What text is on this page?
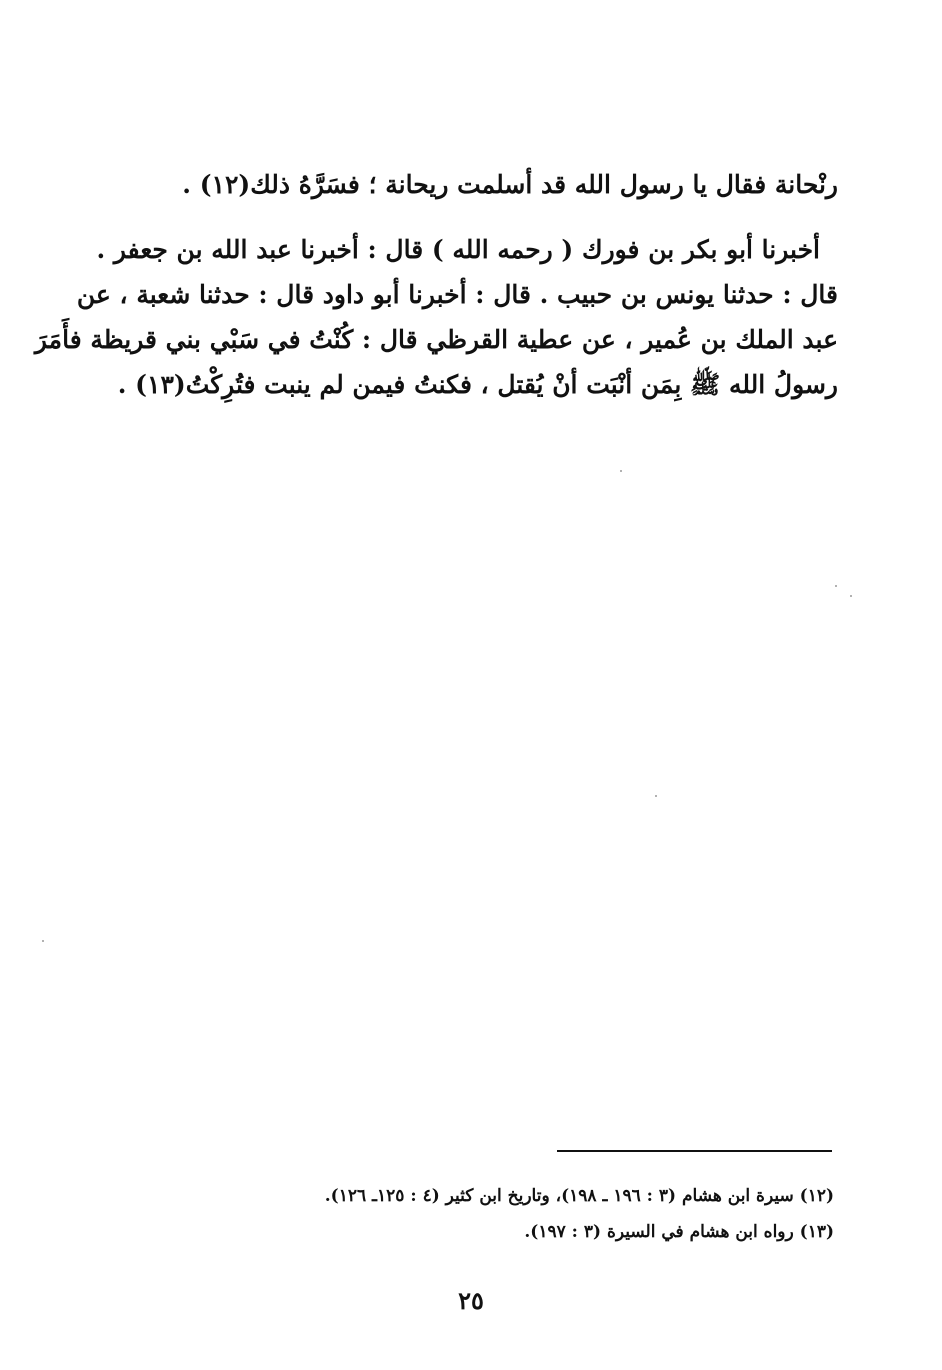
رنْحانة فقال يا رسول الله قد أسلمت ريحانة ؛ فسَرَّهُ ذلك(١٢) .
أخبرنا أبو بكر بن فورك ( رحمه الله ) قال : أخبرنا عبد الله بن جعفر .
قال : حدثنا يونس بن حبيب . قال : أخبرنا أبو داود قال : حدثنا شعبة ، عن
عبد الملك بن عُمير ، عن عطية القرظي قال : كُنْتُ في سَبْي بني قريظة فأَمَرَ
رسولُ الله ﷺ بِمَن أنْبَت أنْ يُقتل ، فكنتُ فيمن لم ينبت فتُرِكْتُ(١٣) .
(١٢) سيرة ابن هشام (٣ : ١٩٦ ـ ١٩٨)، وتاريخ ابن كثير (٤ : ١٢٥ـ ١٢٦).
(١٣) رواه ابن هشام في السيرة (٣ : ١٩٧).
٢٥
